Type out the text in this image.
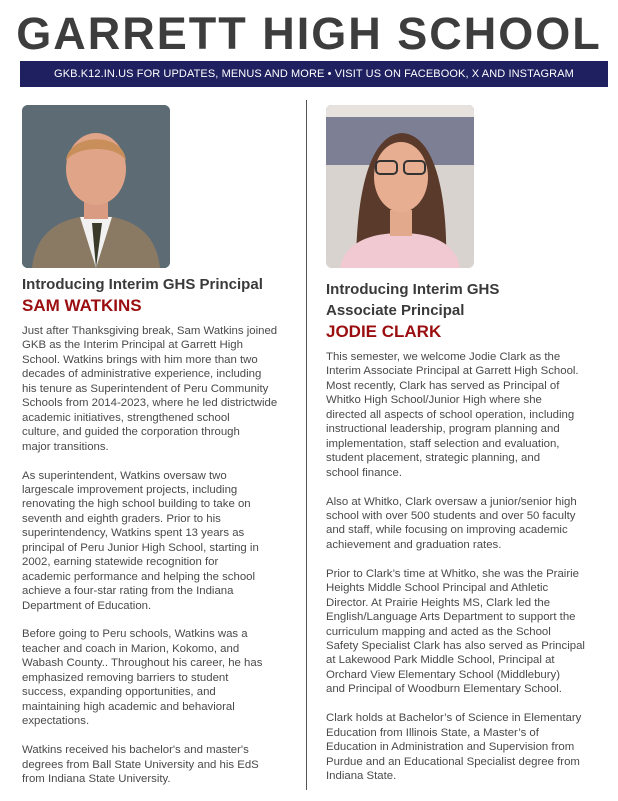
GARRETT HIGH SCHOOL
GKB.K12.IN.US FOR UPDATES, MENUS AND MORE • VISIT US ON FACEBOOK, X AND INSTAGRAM
Introducing Interim GHS Principal
SAM WATKINS

Just after Thanksgiving break, Sam Watkins joined
GKB as the Interim Principal at Garrett High
School. Watkins brings with him more than two
decades of administrative experience, including
his tenure as Superintendent of Peru Community
Schools from 2014-2023, where he led districtwide
academic initiatives, strengthened school
culture, and guided the corporation through
major transitions.

As superintendent, Watkins oversaw two
largescale improvement projects, including
renovating the high school building to take on
seventh and eighth graders. Prior to his
superintendency, Watkins spent 13 years as
principal of Peru Junior High School, starting in
2002, earning statewide recognition for
academic performance and helping the school
achieve a four-star rating from the Indiana
Department of Education.

Before going to Peru schools, Watkins was a
teacher and coach in Marion, Kokomo, and
Wabash County.. Throughout his career, he has
emphasized removing barriers to student
success, expanding opportunities, and
maintaining high academic and behavioral
expectations.

Watkins received his bachelor's and master's
degrees from Ball State University and his EdS
from Indiana State University.

Introducing Interim GHS
Associate Principal
JODIE CLARK

This semester, we welcome Jodie Clark as the
Interim Associate Principal at Garrett High School.
Most recently, Clark has served as Principal of
Whitko High School/Junior High where she
directed all aspects of school operation, including
instructional leadership, program planning and
implementation, staff selection and evaluation,
student placement, strategic planning, and
school finance.

Also at Whitko, Clark oversaw a junior/senior high
school with over 500 students and over 50 faculty
and staff, while focusing on improving academic
achievement and graduation rates.

Prior to Clark’s time at Whitko, she was the Prairie
Heights Middle School Principal and Athletic
Director. At Prairie Heights MS, Clark led the
English/Language Arts Department to support the
curriculum mapping and acted as the School
Safety Specialist Clark has also served as Principal
at Lakewood Park Middle School, Principal at
Orchard View Elementary School (Middlebury)
and Principal of Woodburn Elementary School.

Clark holds at Bachelor’s of Science in Elementary
Education from Illinois State, a Master’s of
Education in Administration and Supervision from
Purdue and an Educational Specialist degree from
Indiana State.
